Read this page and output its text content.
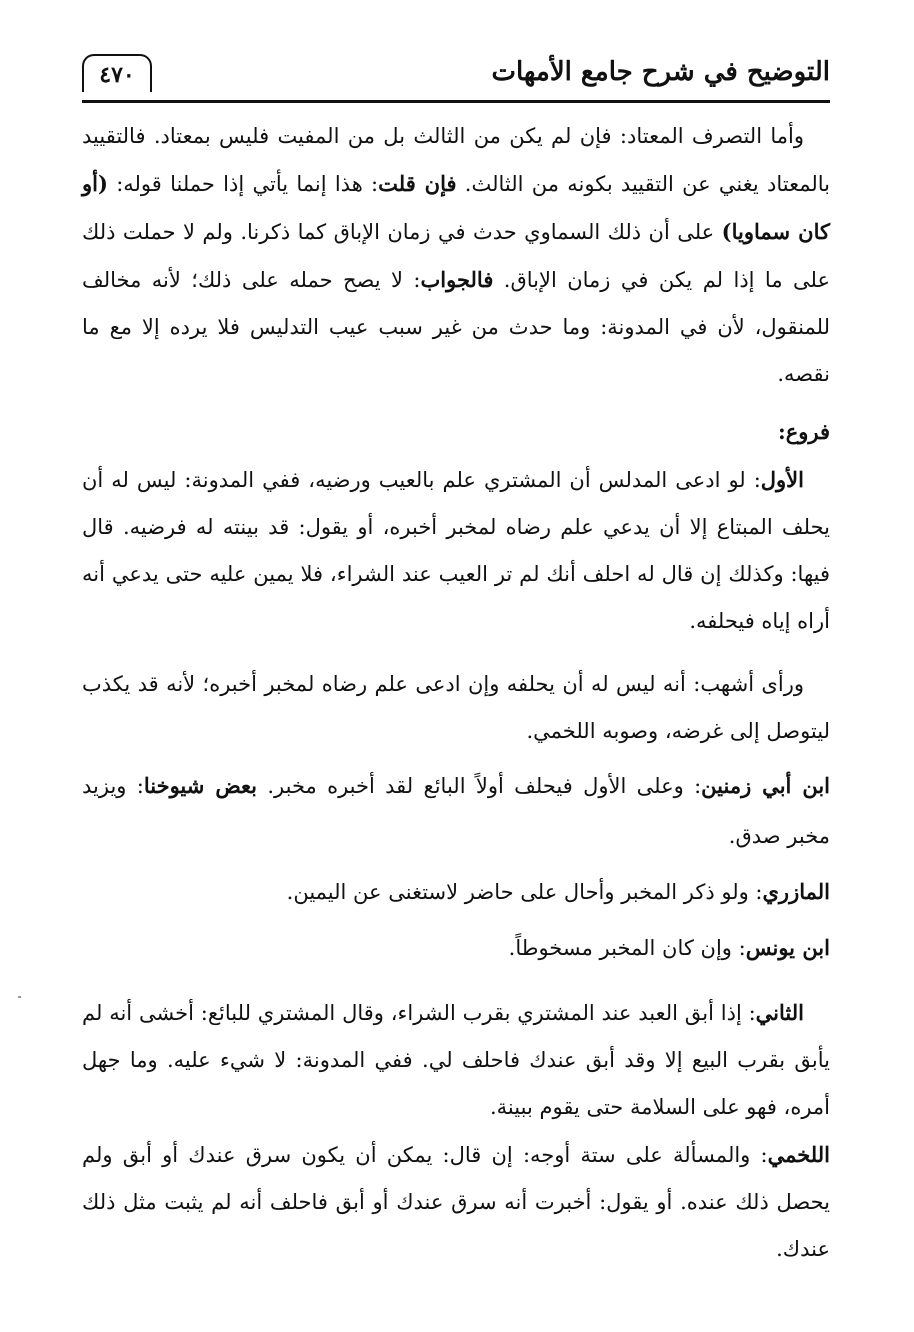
التوضيح في شرح جامع الأمهات
٤٧٠

وأما التصرف المعتاد: فإن لم يكن من الثالث بل من المفيت فليس بمعتاد. فالتقييد بالمعتاد يغني عن التقييد بكونه من الثالث. فإن قلت: هذا إنما يأتي إذا حملنا قوله: (أو كان سماويا) على أن ذلك السماوي حدث في زمان الإباق كما ذكرنا. ولم لا حملت ذلك على ما إذا لم يكن في زمان الإباق. فالجواب: لا يصح حمله على ذلك؛ لأنه مخالف للمنقول، لأن في المدونة: وما حدث من غير سبب عيب التدليس فلا يرده إلا مع ما نقصه.

فروع:

الأول: لو ادعى المدلس أن المشتري علم بالعيب ورضيه، ففي المدونة: ليس له أن يحلف المبتاع إلا أن يدعي علم رضاه لمخبر أخبره، أو يقول: قد بينته له فرضيه. قال فيها: وكذلك إن قال له احلف أنك لم تر العيب عند الشراء، فلا يمين عليه حتى يدعي أنه أراه إياه فيحلفه.

ورأى أشهب: أنه ليس له أن يحلفه وإن ادعى علم رضاه لمخبر أخبره؛ لأنه قد يكذب ليتوصل إلى غرضه، وصوبه اللخمي.

ابن أبي زمنين: وعلى الأول فيحلف أولاً البائع لقد أخبره مخبر. بعض شيوخنا: ويزيد مخبر صدق.

المازري: ولو ذكر المخبر وأحال على حاضر لاستغنى عن اليمين.

ابن يونس: وإن كان المخبر مسخوطاً.

الثاني: إذا أبق العبد عند المشتري بقرب الشراء، وقال المشتري للبائع: أخشى أنه لم يأبق بقرب البيع إلا وقد أبق عندك فاحلف لي. ففي المدونة: لا شيء عليه. وما جهل أمره، فهو على السلامة حتى يقوم ببينة.

اللخمي: والمسألة على ستة أوجه: إن قال: يمكن أن يكون سرق عندك أو أبق ولم يحصل ذلك عنده. أو يقول: أخبرت أنه سرق عندك أو أبق فاحلف أنه لم يثبت مثل ذلك عندك.
